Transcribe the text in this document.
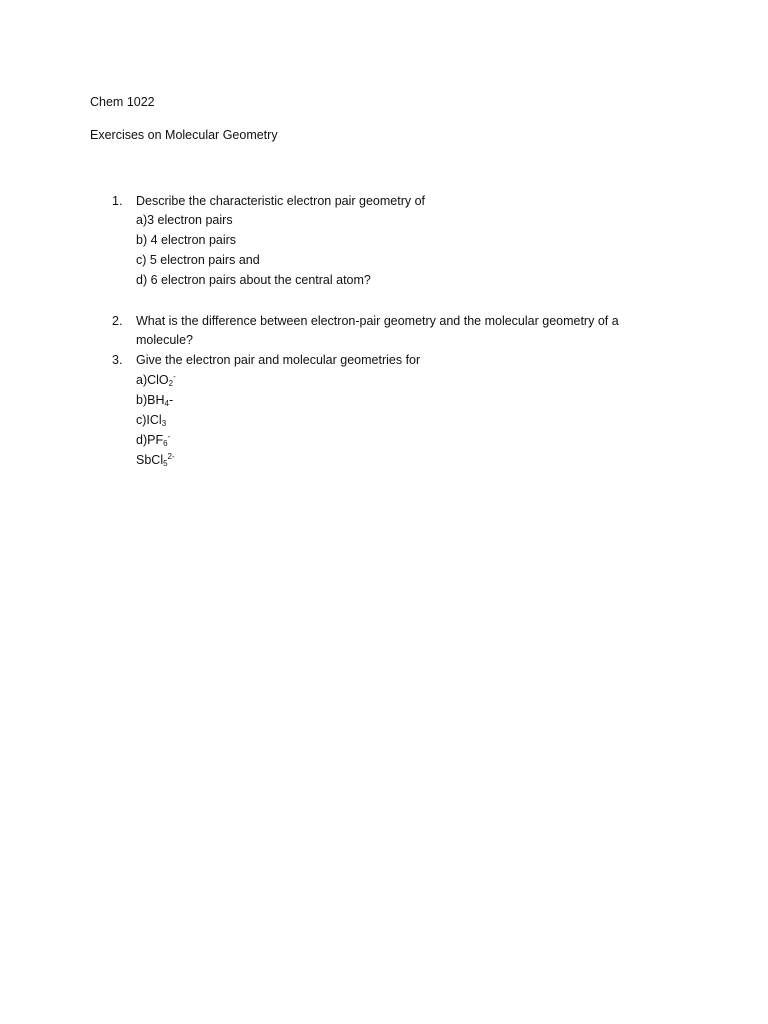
Chem 1022
Exercises on Molecular Geometry
1. Describe the characteristic electron pair geometry of
a)3 electron pairs
b) 4 electron pairs
c) 5 electron pairs and
d) 6 electron pairs about the central atom?
2. What is the difference between electron-pair geometry and the molecular geometry of a
molecule?
3. Give the electron pair and molecular geometries for
a)ClO$_2$-
$b)BH_4-$
c)ICl$_3$
$d)PF_6^-$
SbCl$_5^{2-}$
